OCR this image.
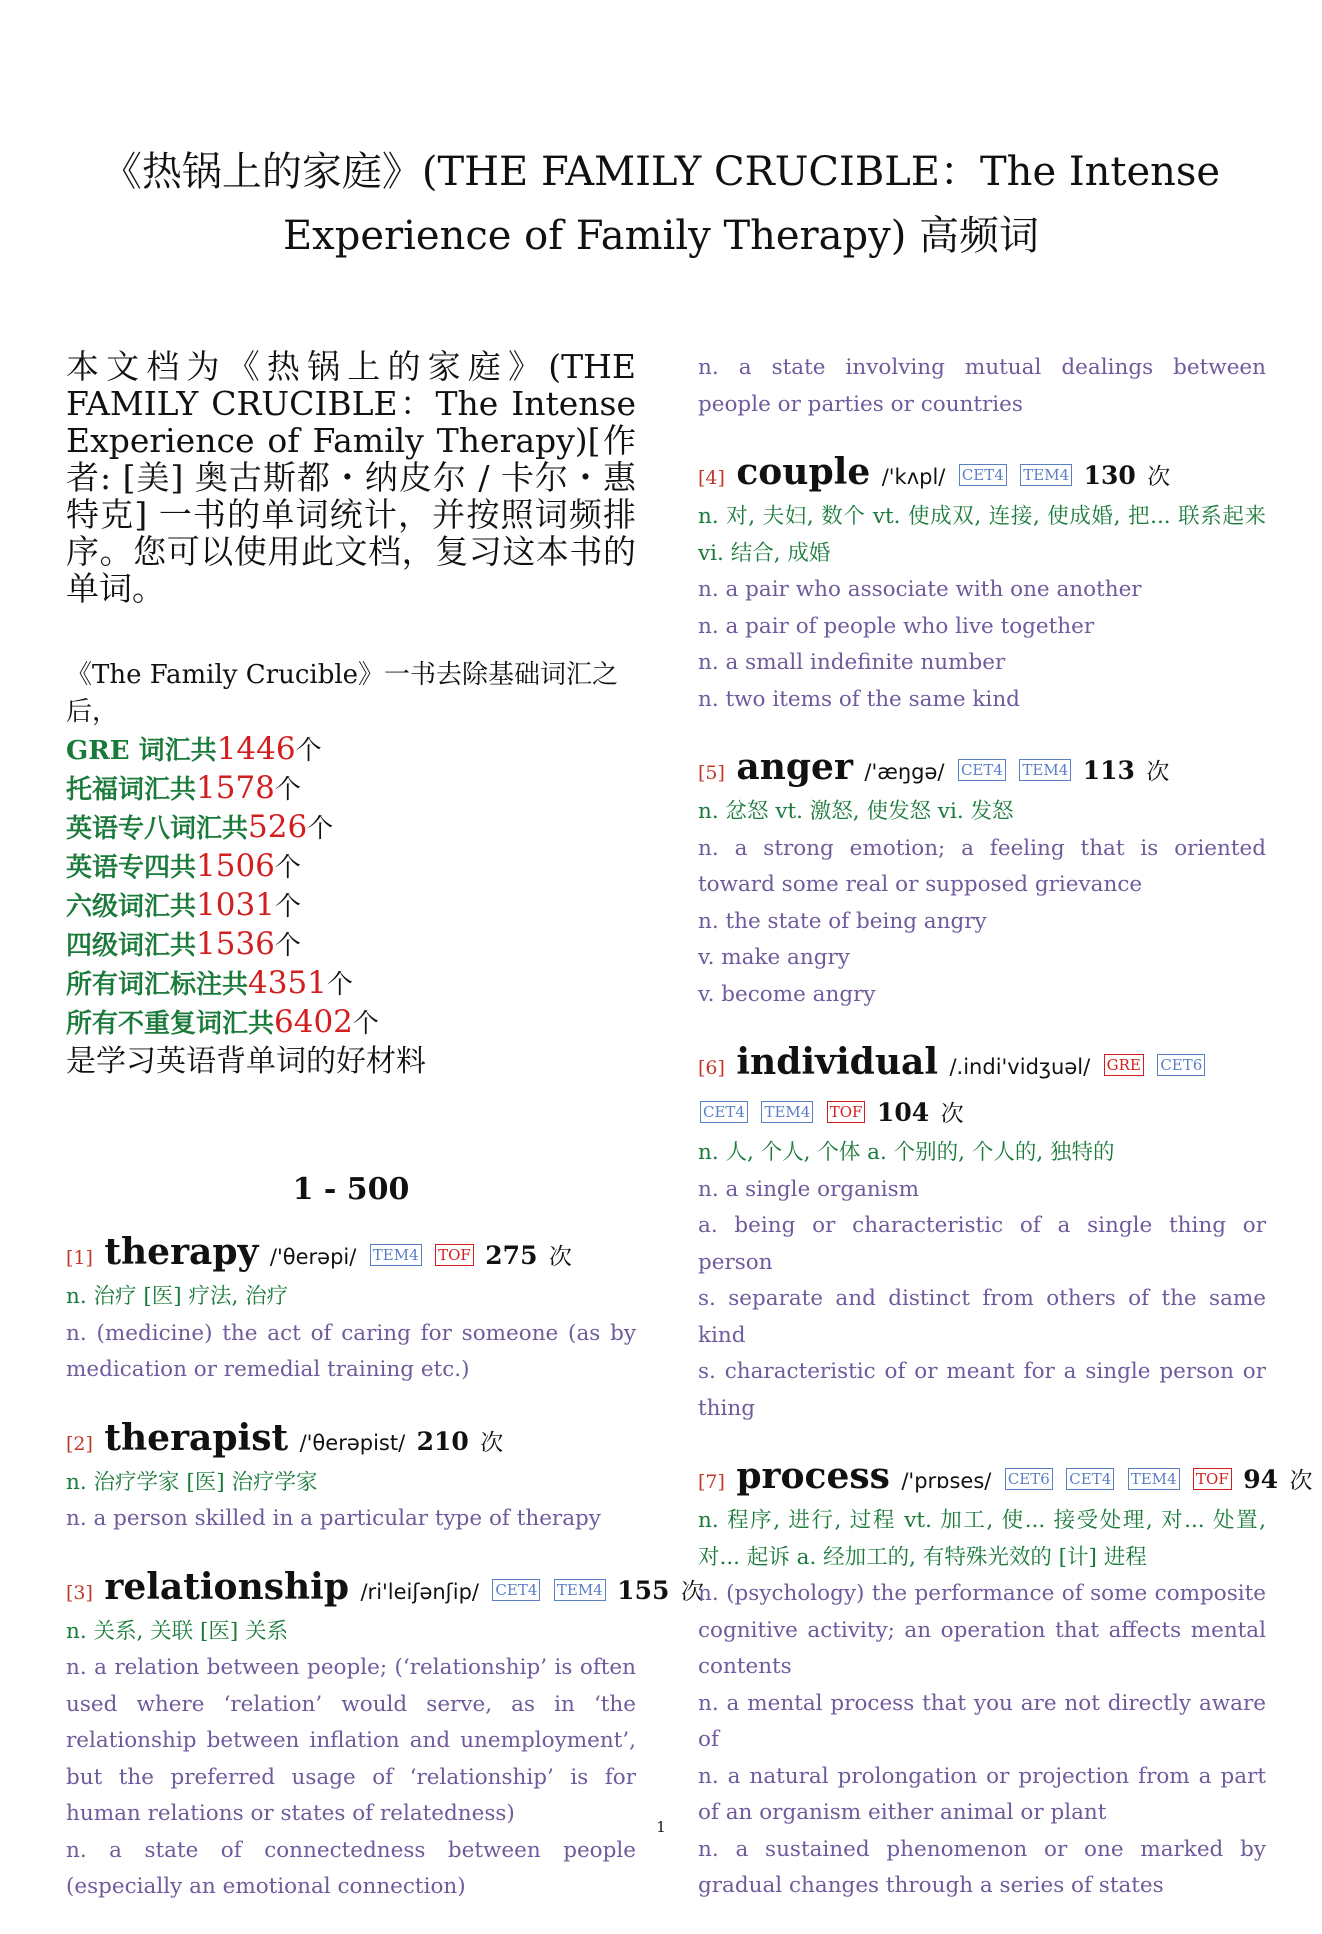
《热锅上的家庭》(THE FAMILY CRUCIBLE：The Intense
Experience of Family Therapy) 高频词

本文档为《热锅上的家庭》(THE FAMILY CRUCIBLE：The Intense Experience of Family Therapy)[作者: [美] 奥古斯都・纳皮尔 / 卡尔・惠特克] 一书的单词统计，并按照词频排序。您可以使用此文档，复习这本书的单词。

《The Family Crucible》一书去除基础词汇之后，
GRE 词汇共1446个
托福词汇共1578个
英语专八词汇共526个
英语专四共1506个
六级词汇共1031个
四级词汇共1536个
所有词汇标注共4351个
所有不重复词汇共6402个
是学习英语背单词的好材料
1 - 500
[1] therapy /'θerəpi/ TEM4 TOF 275 次
n. 治疗 [医] 疗法, 治疗
n. (medicine) the act of caring for someone (as by medication or remedial training etc.)
[2] therapist /'θerəpist/ 210 次
n. 治疗学家 [医] 治疗学家
n. a person skilled in a particular type of therapy
[3] relationship /ri'leiʃənʃip/ CET4 TEM4 155 次
n. 关系, 关联 [医] 关系
n. a relation between people; (‘relationship’ is often used where ‘relation’ would serve, as in ‘the relationship between inflation and unemployment’, but the preferred usage of ‘relationship’ is for human relations or states of relatedness)
n. a state of connectedness between people (especially an emotional connection)
n. a state involving mutual dealings between people or parties or countries
[4] couple /'kʌpl/ CET4 TEM4 130 次
n. 对, 夫妇, 数个 vt. 使成双, 连接, 使成婚, 把... 联系起来 vi. 结合, 成婚
n. a pair who associate with one another
n. a pair of people who live together
n. a small indefinite number
n. two items of the same kind
[5] anger /'æŋgə/ CET4 TEM4 113 次
n. 忿怒 vt. 激怒, 使发怒 vi. 发怒
n. a strong emotion; a feeling that is oriented toward some real or supposed grievance
n. the state of being angry
v. make angry
v. become angry
[6] individual /.indi'vidʒuəl/ GRE CET6 CET4 TEM4 TOF 104 次
n. 人, 个人, 个体 a. 个别的, 个人的, 独特的
n. a single organism
a. being or characteristic of a single thing or person
s. separate and distinct from others of the same kind
s. characteristic of or meant for a single person or thing
[7] process /'prɒses/ CET6 CET4 TEM4 TOF 94 次
n. 程序, 进行, 过程 vt. 加工, 使... 接受处理, 对... 处置, 对... 起诉 a. 经加工的, 有特殊光效的 [计] 进程
n. (psychology) the performance of some composite cognitive activity; an operation that affects mental contents
n. a mental process that you are not directly aware of
n. a natural prolongation or projection from a part of an organism either animal or plant
n. a sustained phenomenon or one marked by gradual changes through a series of states
1
